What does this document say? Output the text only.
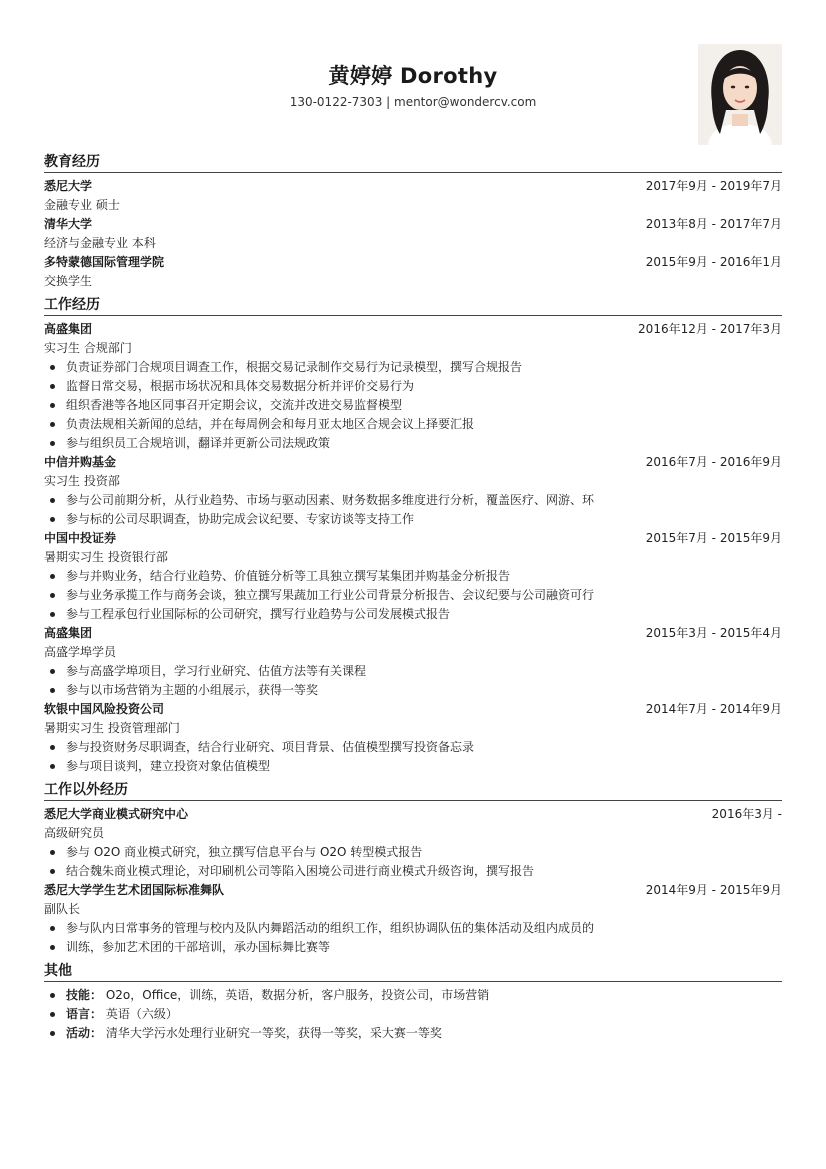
黄婷婷 Dorothy
130-0122-7303 | mentor@wondercv.com
教育经历
悉尼大学	2017年9月 - 2019年7月
金融专业 硕士
清华大学	2013年8月 - 2017年7月
经济与金融专业 本科
多特蒙德国际管理学院	2015年9月 - 2016年1月
交换学生
工作经历
高盛集团	2016年12月 - 2017年3月
实习生 合规部门
负责证券部门合规项目调查工作，根据交易记录制作交易行为记录模型，撰写合规报告
监督日常交易，根据市场状况和具体交易数据分析并评价交易行为
组织香港等各地区同事召开定期会议，交流并改进交易监督模型
负责法规相关新闻的总结，并在每周例会和每月亚太地区合规会议上择要汇报
参与组织员工合规培训，翻译并更新公司法规政策
中信并购基金	2016年7月 - 2016年9月
实习生 投资部
参与公司前期分析，从行业趋势、市场与驱动因素、财务数据多维度进行分析，覆盖医疗、网游、环
参与标的公司尽职调查，协助完成会议纪要、专家访谈等支持工作
中国中投证券	2015年7月 - 2015年9月
暑期实习生 投资银行部
参与并购业务，结合行业趋势、价值链分析等工具独立撰写某集团并购基金分析报告
参与业务承揽工作与商务会谈，独立撰写果蔬加工行业公司背景分析报告、会议纪要与公司融资可行
参与工程承包行业国际标的公司研究，撰写行业趋势与公司发展模式报告
高盛集团	2015年3月 - 2015年4月
高盛学埠学员
参与高盛学埠项目，学习行业研究、估值方法等有关课程
参与以市场营销为主题的小组展示，获得一等奖
软银中国风险投资公司	2014年7月 - 2014年9月
暑期实习生 投资管理部门
参与投资财务尽职调查，结合行业研究、项目背景、估值模型撰写投资备忘录
参与项目谈判，建立投资对象估值模型
工作以外经历
悉尼大学商业模式研究中心	2016年3月 -
高级研究员
参与 O2O 商业模式研究，独立撰写信息平台与 O2O 转型模式报告
结合魏朱商业模式理论，对印刷机公司等陷入困境公司进行商业模式升级咨询，撰写报告
悉尼大学学生艺术团国际标准舞队	2014年9月 - 2015年9月
副队长
参与队内日常事务的管理与校内及队内舞蹈活动的组织工作，组织协调队伍的集体活动及组内成员的
训练，参加艺术团的干部培训，承办国标舞比赛等
其他
技能： O2o，Office，训练，英语，数据分析，客户服务，投资公司，市场营销
语言： 英语（六级）
活动： 清华大学污水处理行业研究一等奖，获得一等奖，采大赛一等奖
